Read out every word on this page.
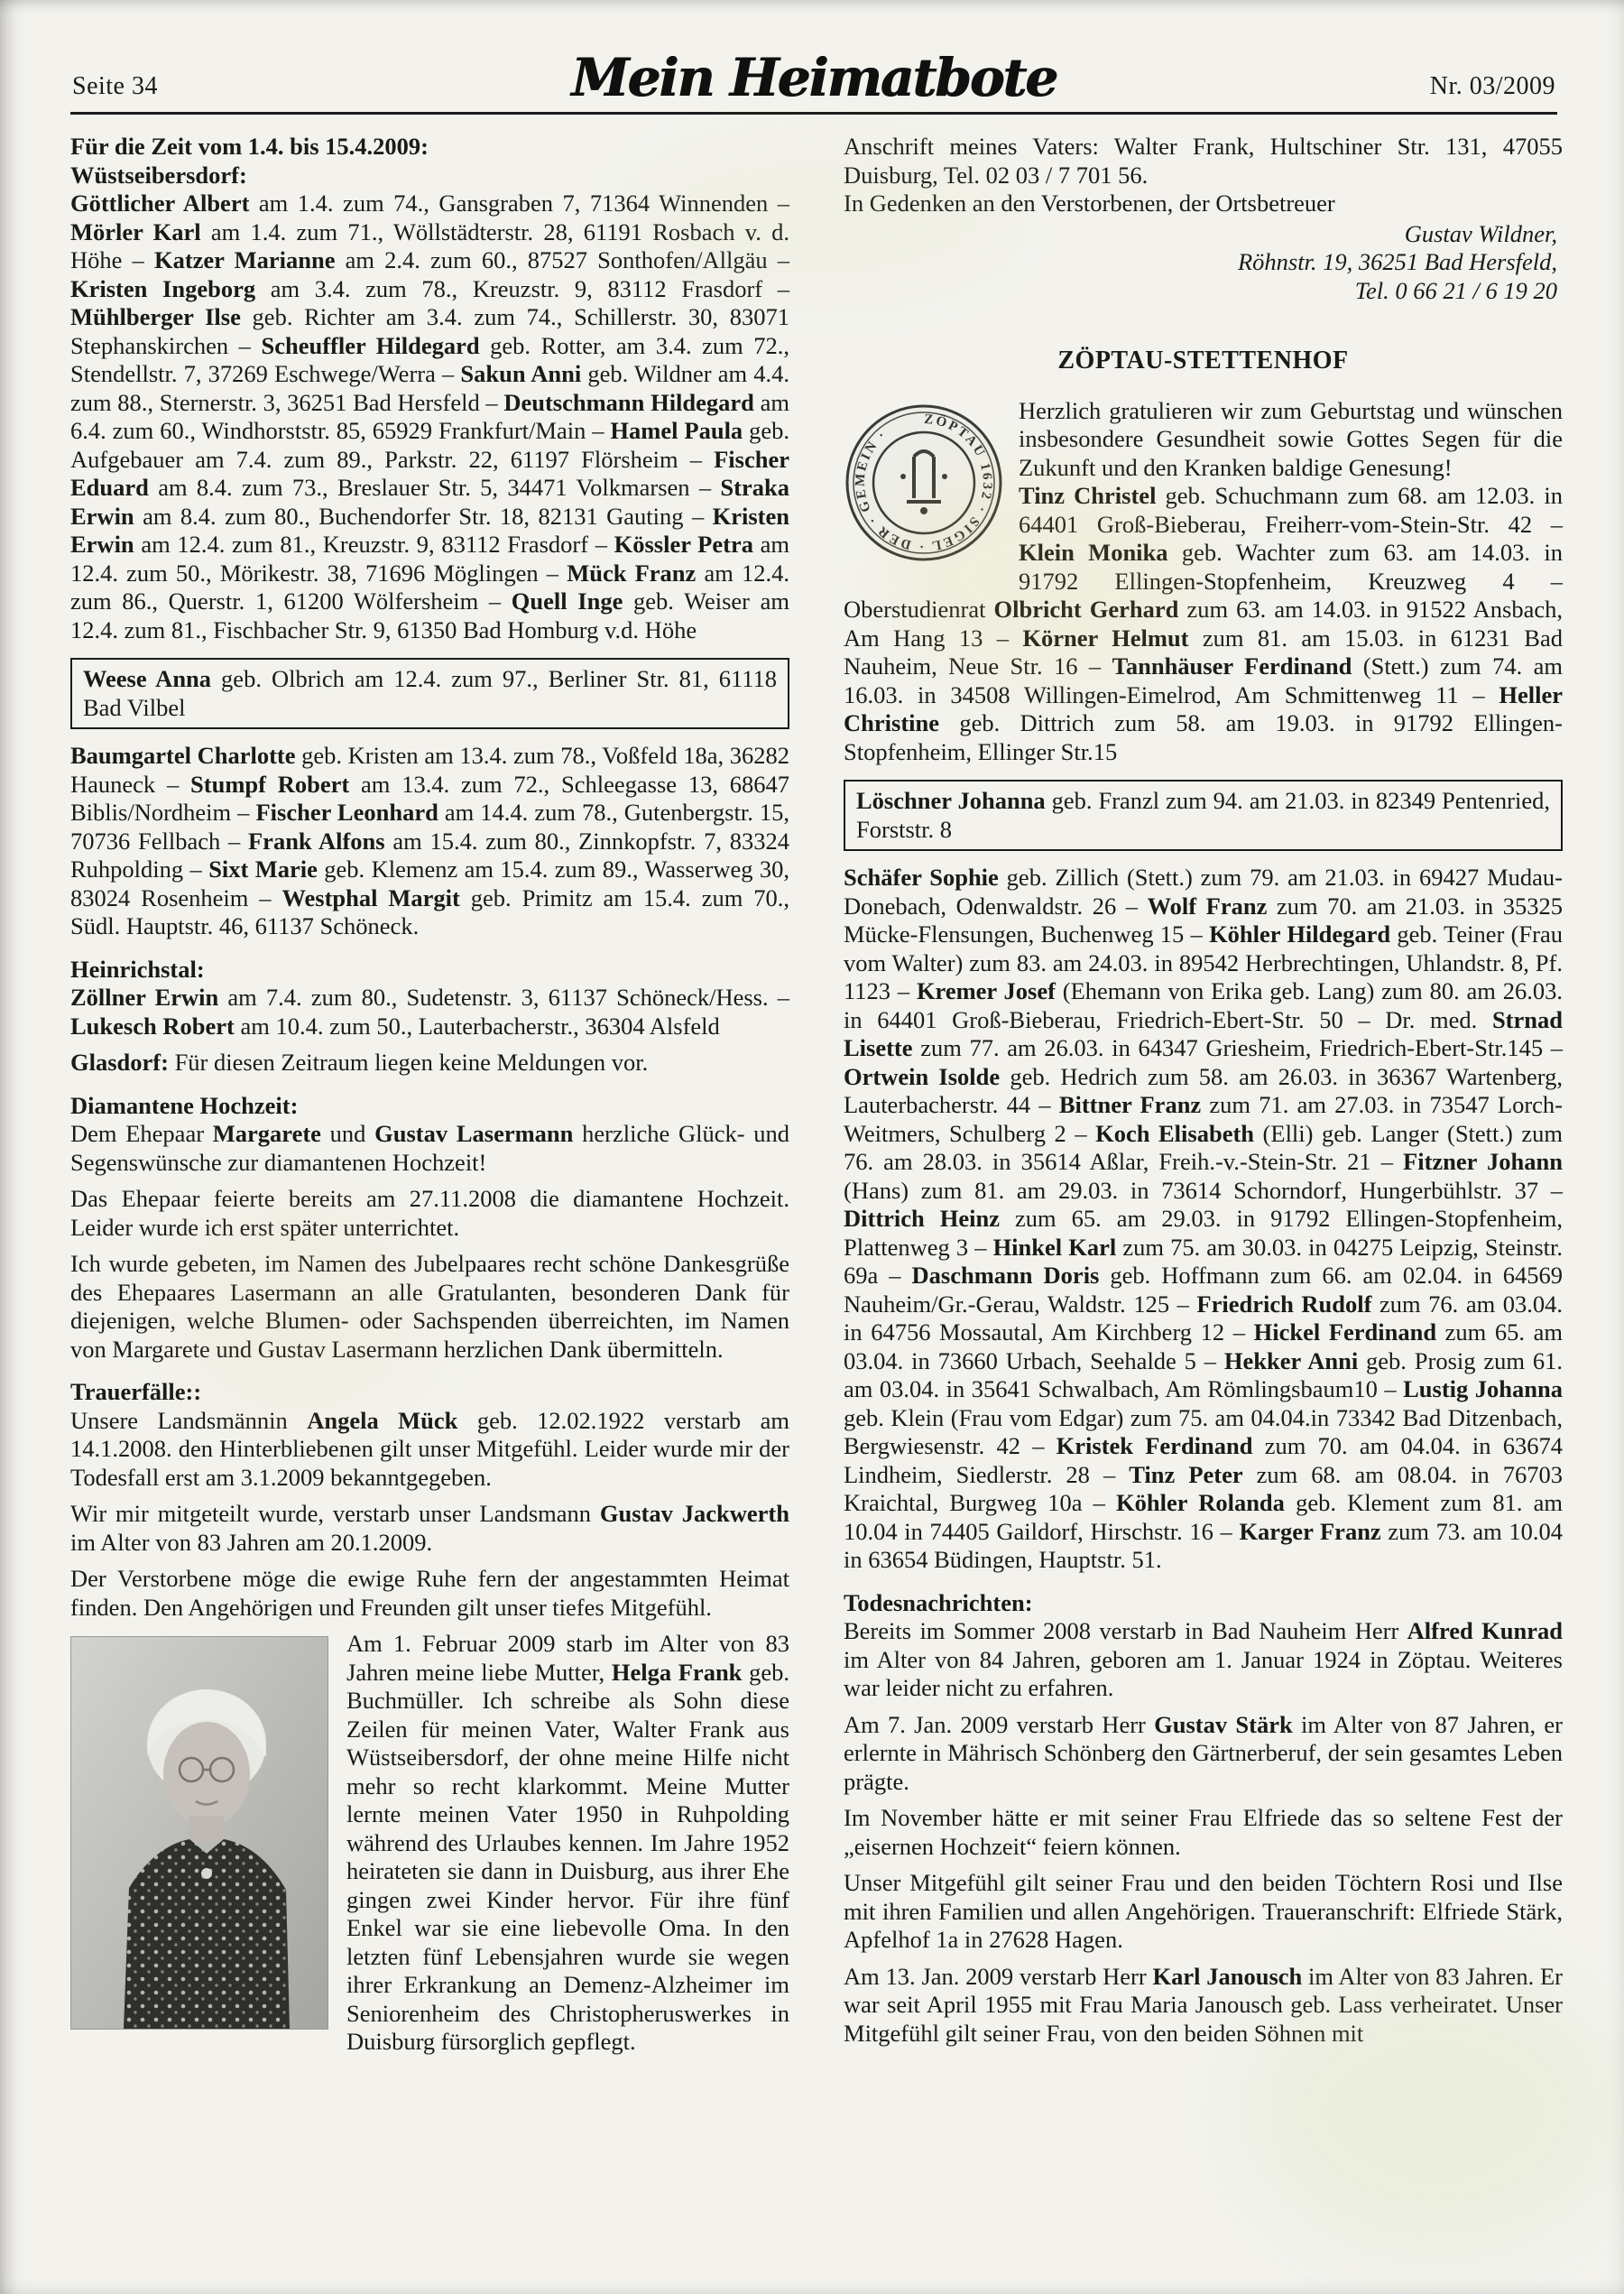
Seite 34	Mein Heimatbote	Nr. 03/2009

Für die Zeit vom 1.4. bis 15.4.2009:

Wüstseibersdorf:

Göttlicher Albert am 1.4. zum 74., Gansgraben 7, 71364 Winnenden – Mörler Karl am 1.4. zum 71., Wöllstädterstr. 28, 61191 Rosbach v. d. Höhe – Katzer Marianne am 2.4. zum 60., 87527 Sonthofen/Allgäu – Kristen Ingeborg am 3.4. zum 78., Kreuzstr. 9, 83112 Frasdorf – Mühlberger Ilse geb. Richter am 3.4. zum 74., Schillerstr. 30, 83071 Stephanskirchen – Scheuffler Hildegard geb. Rotter, am 3.4. zum 72., Stendellstr. 7, 37269 Eschwege/Werra – Sakun Anni geb. Wildner am 4.4. zum 88., Sternerstr. 3, 36251 Bad Hersfeld – Deutschmann Hildegard am 6.4. zum 60., Windhorststr. 85, 65929 Frankfurt/Main – Hamel Paula geb. Aufgebauer am 7.4. zum 89., Parkstr. 22, 61197 Flörsheim – Fischer Eduard am 8.4. zum 73., Breslauer Str. 5, 34471 Volkmarsen – Straka Erwin am 8.4. zum 80., Buchendorfer Str. 18, 82131 Gauting – Kristen Erwin am 12.4. zum 81., Kreuzstr. 9, 83112 Frasdorf – Kössler Petra am 12.4. zum 50., Mörikestr. 38, 71696 Möglingen – Mück Franz am 12.4. zum 86., Querstr. 1, 61200 Wölfersheim – Quell Inge geb. Weiser am 12.4. zum 81., Fischbacher Str. 9, 61350 Bad Homburg v.d. Höhe

Weese Anna geb. Olbrich am 12.4. zum 97., Berliner Str. 81, 61118 Bad Vilbel

Baumgartel Charlotte geb. Kristen am 13.4. zum 78., Voßfeld 18a, 36282 Hauneck – Stumpf Robert am 13.4. zum 72., Schleegasse 13, 68647 Biblis/Nordheim – Fischer Leonhard am 14.4. zum 78., Gutenbergstr. 15, 70736 Fellbach – Frank Alfons am 15.4. zum 80., Zinnkopfstr. 7, 83324 Ruhpolding – Sixt Marie geb. Klemenz am 15.4. zum 89., Wasserweg 30, 83024 Rosenheim – Westphal Margit geb. Primitz am 15.4. zum 70., Südl. Hauptstr. 46, 61137 Schöneck.

Heinrichstal:

Zöllner Erwin am 7.4. zum 80., Sudetenstr. 3, 61137 Schöneck/Hess. – Lukesch Robert am 10.4. zum 50., Lauterbacherstr., 36304 Alsfeld

Glasdorf: Für diesen Zeitraum liegen keine Meldungen vor.

Diamantene Hochzeit:

Dem Ehepaar Margarete und Gustav Lasermann herzliche Glück- und Segenswünsche zur diamantenen Hochzeit!

Das Ehepaar feierte bereits am 27.11.2008 die diamantene Hochzeit. Leider wurde ich erst später unterrichtet.

Ich wurde gebeten, im Namen des Jubelpaares recht schöne Dankesgrüße des Ehepaares Lasermann an alle Gratulanten, besonderen Dank für diejenigen, welche Blumen- oder Sachspenden überreichten, im Namen von Margarete und Gustav Lasermann herzlichen Dank übermitteln.

Trauerfälle::

Unsere Landsmännin Angela Mück geb. 12.02.1922 verstarb am 14.1.2008. den Hinterbliebenen gilt unser Mitgefühl. Leider wurde mir der Todesfall erst am 3.1.2009 bekanntgegeben.

Wir mir mitgeteilt wurde, verstarb unser Landsmann Gustav Jackwerth im Alter von 83 Jahren am 20.1.2009.

Der Verstorbene möge die ewige Ruhe fern der angestammten Heimat finden. Den Angehörigen und Freunden gilt unser tiefes Mitgefühl.

Am 1. Februar 2009 starb im Alter von 83 Jahren meine liebe Mutter, Helga Frank geb. Buchmüller. Ich schreibe als Sohn diese Zeilen für meinen Vater, Walter Frank aus Wüstseibersdorf, der ohne meine Hilfe nicht mehr so recht klarkommt. Meine Mutter lernte meinen Vater 1950 in Ruhpolding während des Urlaubes kennen. Im Jahre 1952 heirateten sie dann in Duisburg, aus ihrer Ehe gingen zwei Kinder hervor. Für ihre fünf Enkel war sie eine liebevolle Oma. In den letzten fünf Lebensjahren wurde sie wegen ihrer Erkrankung an Demenz-Alzheimer im Seniorenheim des Christopheruswerkes in Duisburg fürsorglich gepflegt.

Anschrift meines Vaters: Walter Frank, Hultschiner Str. 131, 47055 Duisburg, Tel. 02 03 / 7 701 56.

In Gedenken an den Verstorbenen, der Ortsbetreuer

Gustav Wildner,
Röhnstr. 19, 36251 Bad Hersfeld,
Tel. 0 66 21 / 6 19 20
ZÖPTAU-STETTENHOF
ZÖPTAU 1632 · SIGEL · DER · GEMEIN ·
Herzlich gratulieren wir zum Geburtstag und wünschen insbesondere Gesundheit sowie Gottes Segen für die Zukunft und den Kranken baldige Genesung!
Tinz Christel geb. Schuchmann zum 68. am 12.03. in 64401 Groß-Bieberau, Freiherr-vom-Stein-Str. 42 – Klein Monika geb. Wachter zum 63. am 14.03. in 91792 Ellingen-Stopfenheim, Kreuzweg 4 – Oberstudienrat Olbricht Gerhard zum 63. am 14.03. in 91522 Ansbach, Am Hang 13 – Körner Helmut zum 81. am 15.03. in 61231 Bad Nauheim, Neue Str. 16 – Tannhäuser Ferdinand (Stett.) zum 74. am 16.03. in 34508 Willingen-Eimelrod, Am Schmittenweg 11 – Heller Christine geb. Dittrich zum 58. am 19.03. in 91792 Ellingen-Stopfenheim, Ellinger Str.15
Löschner Johanna geb. Franzl zum 94. am 21.03. in 82349 Pentenried, Forststr. 8

Schäfer Sophie geb. Zillich (Stett.) zum 79. am 21.03. in 69427 Mudau-Donebach, Odenwaldstr. 26 – Wolf Franz zum 70. am 21.03. in 35325 Mücke-Flensungen, Buchenweg 15 – Köhler Hildegard geb. Teiner (Frau vom Walter) zum 83. am 24.03. in 89542 Herbrechtingen, Uhlandstr. 8, Pf. 1123 – Kremer Josef (Ehemann von Erika geb. Lang) zum 80. am 26.03. in 64401 Groß-Bieberau, Friedrich-Ebert-Str. 50 – Dr. med. Strnad Lisette zum 77. am 26.03. in 64347 Griesheim, Friedrich-Ebert-Str.145 – Ortwein Isolde geb. Hedrich zum 58. am 26.03. in 36367 Wartenberg, Lauterbacherstr. 44 – Bittner Franz zum 71. am 27.03. in 73547 Lorch-Weitmers, Schulberg 2 – Koch Elisabeth (Elli) geb. Langer (Stett.) zum 76. am 28.03. in 35614 Aßlar, Freih.-v.-Stein-Str. 21 – Fitzner Johann (Hans) zum 81. am 29.03. in 73614 Schorndorf, Hungerbühlstr. 37 – Dittrich Heinz zum 65. am 29.03. in 91792 Ellingen-Stopfenheim, Plattenweg 3 – Hinkel Karl zum 75. am 30.03. in 04275 Leipzig, Steinstr. 69a – Daschmann Doris geb. Hoffmann zum 66. am 02.04. in 64569 Nauheim/Gr.-Gerau, Waldstr. 125 – Friedrich Rudolf zum 76. am 03.04. in 64756 Mossautal, Am Kirchberg 12 – Hickel Ferdinand zum 65. am 03.04. in 73660 Urbach, Seehalde 5 – Hekker Anni geb. Prosig zum 61. am 03.04. in 35641 Schwalbach, Am Römlingsbaum10 – Lustig Johanna geb. Klein (Frau vom Edgar) zum 75. am 04.04.in 73342 Bad Ditzenbach, Bergwiesenstr. 42 – Kristek Ferdinand zum 70. am 04.04. in 63674 Lindheim, Siedlerstr. 28 – Tinz Peter zum 68. am 08.04. in 76703 Kraichtal, Burgweg 10a – Köhler Rolanda geb. Klement zum 81. am 10.04 in 74405 Gaildorf, Hirschstr. 16 – Karger Franz zum 73. am 10.04 in 63654 Büdingen, Hauptstr. 51.

Todesnachrichten:

Bereits im Sommer 2008 verstarb in Bad Nauheim Herr Alfred Kunrad im Alter von 84 Jahren, geboren am 1. Januar 1924 in Zöptau. Weiteres war leider nicht zu erfahren.

Am 7. Jan. 2009 verstarb Herr Gustav Stärk im Alter von 87 Jahren, er erlernte in Mährisch Schönberg den Gärtnerberuf, der sein gesamtes Leben prägte.

Im November hätte er mit seiner Frau Elfriede das so seltene Fest der „eisernen Hochzeit“ feiern können.

Unser Mitgefühl gilt seiner Frau und den beiden Töchtern Rosi und Ilse mit ihren Familien und allen Angehörigen. Traueranschrift: Elfriede Stärk, Apfelhof 1a in 27628 Hagen.

Am 13. Jan. 2009 verstarb Herr Karl Janousch im Alter von 83 Jahren. Er war seit April 1955 mit Frau Maria Janousch geb. Lass verheiratet. Unser Mitgefühl gilt seiner Frau, von den beiden Söhnen mit
